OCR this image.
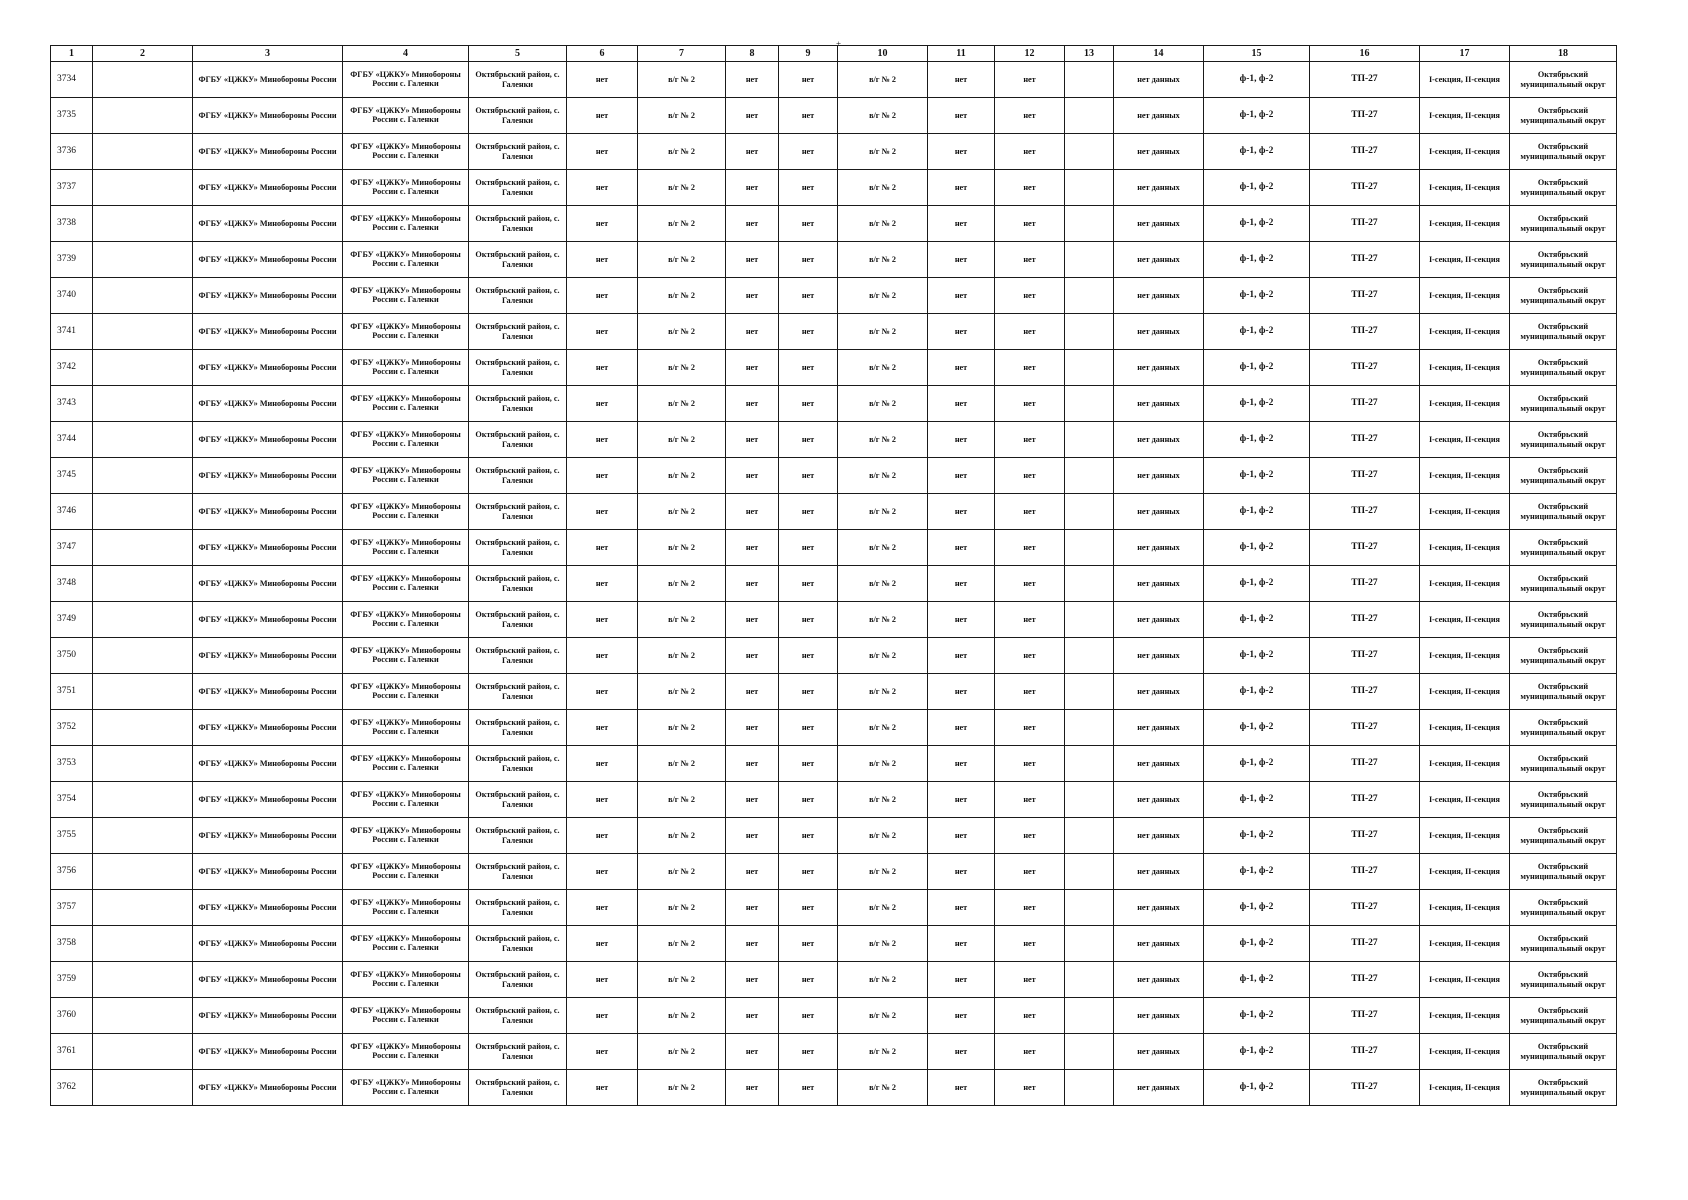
+
1	2	3	4	5	6	7	8	9	10	11	12	13	14	15	16	17	18
3734		ФГБУ «ЦЖКУ» Минобороны России	ФГБУ «ЦЖКУ» Минобороны России с. Галенки	Октябрьский район, с. Галенки	нет	в/г № 2	нет	нет	в/г № 2	нет	нет		нет данных	ф-1, ф-2	ТП-27	I-секция, II-секция	Октябрьский муниципальный округ
3735		ФГБУ «ЦЖКУ» Минобороны России	ФГБУ «ЦЖКУ» Минобороны России с. Галенки	Октябрьский район, с. Галенки	нет	в/г № 2	нет	нет	в/г № 2	нет	нет		нет данных	ф-1, ф-2	ТП-27	I-секция, II-секция	Октябрьский муниципальный округ
3736		ФГБУ «ЦЖКУ» Минобороны России	ФГБУ «ЦЖКУ» Минобороны России с. Галенки	Октябрьский район, с. Галенки	нет	в/г № 2	нет	нет	в/г № 2	нет	нет		нет данных	ф-1, ф-2	ТП-27	I-секция, II-секция	Октябрьский муниципальный округ
3737		ФГБУ «ЦЖКУ» Минобороны России	ФГБУ «ЦЖКУ» Минобороны России с. Галенки	Октябрьский район, с. Галенки	нет	в/г № 2	нет	нет	в/г № 2	нет	нет		нет данных	ф-1, ф-2	ТП-27	I-секция, II-секция	Октябрьский муниципальный округ
3738		ФГБУ «ЦЖКУ» Минобороны России	ФГБУ «ЦЖКУ» Минобороны России с. Галенки	Октябрьский район, с. Галенки	нет	в/г № 2	нет	нет	в/г № 2	нет	нет		нет данных	ф-1, ф-2	ТП-27	I-секция, II-секция	Октябрьский муниципальный округ
3739		ФГБУ «ЦЖКУ» Минобороны России	ФГБУ «ЦЖКУ» Минобороны России с. Галенки	Октябрьский район, с. Галенки	нет	в/г № 2	нет	нет	в/г № 2	нет	нет		нет данных	ф-1, ф-2	ТП-27	I-секция, II-секция	Октябрьский муниципальный округ
3740		ФГБУ «ЦЖКУ» Минобороны России	ФГБУ «ЦЖКУ» Минобороны России с. Галенки	Октябрьский район, с. Галенки	нет	в/г № 2	нет	нет	в/г № 2	нет	нет		нет данных	ф-1, ф-2	ТП-27	I-секция, II-секция	Октябрьский муниципальный округ
3741		ФГБУ «ЦЖКУ» Минобороны России	ФГБУ «ЦЖКУ» Минобороны России с. Галенки	Октябрьский район, с. Галенки	нет	в/г № 2	нет	нет	в/г № 2	нет	нет		нет данных	ф-1, ф-2	ТП-27	I-секция, II-секция	Октябрьский муниципальный округ
3742		ФГБУ «ЦЖКУ» Минобороны России	ФГБУ «ЦЖКУ» Минобороны России с. Галенки	Октябрьский район, с. Галенки	нет	в/г № 2	нет	нет	в/г № 2	нет	нет		нет данных	ф-1, ф-2	ТП-27	I-секция, II-секция	Октябрьский муниципальный округ
3743		ФГБУ «ЦЖКУ» Минобороны России	ФГБУ «ЦЖКУ» Минобороны России с. Галенки	Октябрьский район, с. Галенки	нет	в/г № 2	нет	нет	в/г № 2	нет	нет		нет данных	ф-1, ф-2	ТП-27	I-секция, II-секция	Октябрьский муниципальный округ
3744		ФГБУ «ЦЖКУ» Минобороны России	ФГБУ «ЦЖКУ» Минобороны России с. Галенки	Октябрьский район, с. Галенки	нет	в/г № 2	нет	нет	в/г № 2	нет	нет		нет данных	ф-1, ф-2	ТП-27	I-секция, II-секция	Октябрьский муниципальный округ
3745		ФГБУ «ЦЖКУ» Минобороны России	ФГБУ «ЦЖКУ» Минобороны России с. Галенки	Октябрьский район, с. Галенки	нет	в/г № 2	нет	нет	в/г № 2	нет	нет		нет данных	ф-1, ф-2	ТП-27	I-секция, II-секция	Октябрьский муниципальный округ
3746		ФГБУ «ЦЖКУ» Минобороны России	ФГБУ «ЦЖКУ» Минобороны России с. Галенки	Октябрьский район, с. Галенки	нет	в/г № 2	нет	нет	в/г № 2	нет	нет		нет данных	ф-1, ф-2	ТП-27	I-секция, II-секция	Октябрьский муниципальный округ
3747		ФГБУ «ЦЖКУ» Минобороны России	ФГБУ «ЦЖКУ» Минобороны России с. Галенки	Октябрьский район, с. Галенки	нет	в/г № 2	нет	нет	в/г № 2	нет	нет		нет данных	ф-1, ф-2	ТП-27	I-секция, II-секция	Октябрьский муниципальный округ
3748		ФГБУ «ЦЖКУ» Минобороны России	ФГБУ «ЦЖКУ» Минобороны России с. Галенки	Октябрьский район, с. Галенки	нет	в/г № 2	нет	нет	в/г № 2	нет	нет		нет данных	ф-1, ф-2	ТП-27	I-секция, II-секция	Октябрьский муниципальный округ
3749		ФГБУ «ЦЖКУ» Минобороны России	ФГБУ «ЦЖКУ» Минобороны России с. Галенки	Октябрьский район, с. Галенки	нет	в/г № 2	нет	нет	в/г № 2	нет	нет		нет данных	ф-1, ф-2	ТП-27	I-секция, II-секция	Октябрьский муниципальный округ
3750		ФГБУ «ЦЖКУ» Минобороны России	ФГБУ «ЦЖКУ» Минобороны России с. Галенки	Октябрьский район, с. Галенки	нет	в/г № 2	нет	нет	в/г № 2	нет	нет		нет данных	ф-1, ф-2	ТП-27	I-секция, II-секция	Октябрьский муниципальный округ
3751		ФГБУ «ЦЖКУ» Минобороны России	ФГБУ «ЦЖКУ» Минобороны России с. Галенки	Октябрьский район, с. Галенки	нет	в/г № 2	нет	нет	в/г № 2	нет	нет		нет данных	ф-1, ф-2	ТП-27	I-секция, II-секция	Октябрьский муниципальный округ
3752		ФГБУ «ЦЖКУ» Минобороны России	ФГБУ «ЦЖКУ» Минобороны России с. Галенки	Октябрьский район, с. Галенки	нет	в/г № 2	нет	нет	в/г № 2	нет	нет		нет данных	ф-1, ф-2	ТП-27	I-секция, II-секция	Октябрьский муниципальный округ
3753		ФГБУ «ЦЖКУ» Минобороны России	ФГБУ «ЦЖКУ» Минобороны России с. Галенки	Октябрьский район, с. Галенки	нет	в/г № 2	нет	нет	в/г № 2	нет	нет		нет данных	ф-1, ф-2	ТП-27	I-секция, II-секция	Октябрьский муниципальный округ
3754		ФГБУ «ЦЖКУ» Минобороны России	ФГБУ «ЦЖКУ» Минобороны России с. Галенки	Октябрьский район, с. Галенки	нет	в/г № 2	нет	нет	в/г № 2	нет	нет		нет данных	ф-1, ф-2	ТП-27	I-секция, II-секция	Октябрьский муниципальный округ
3755		ФГБУ «ЦЖКУ» Минобороны России	ФГБУ «ЦЖКУ» Минобороны России с. Галенки	Октябрьский район, с. Галенки	нет	в/г № 2	нет	нет	в/г № 2	нет	нет		нет данных	ф-1, ф-2	ТП-27	I-секция, II-секция	Октябрьский муниципальный округ
3756		ФГБУ «ЦЖКУ» Минобороны России	ФГБУ «ЦЖКУ» Минобороны России с. Галенки	Октябрьский район, с. Галенки	нет	в/г № 2	нет	нет	в/г № 2	нет	нет		нет данных	ф-1, ф-2	ТП-27	I-секция, II-секция	Октябрьский муниципальный округ
3757		ФГБУ «ЦЖКУ» Минобороны России	ФГБУ «ЦЖКУ» Минобороны России с. Галенки	Октябрьский район, с. Галенки	нет	в/г № 2	нет	нет	в/г № 2	нет	нет		нет данных	ф-1, ф-2	ТП-27	I-секция, II-секция	Октябрьский муниципальный округ
3758		ФГБУ «ЦЖКУ» Минобороны России	ФГБУ «ЦЖКУ» Минобороны России с. Галенки	Октябрьский район, с. Галенки	нет	в/г № 2	нет	нет	в/г № 2	нет	нет		нет данных	ф-1, ф-2	ТП-27	I-секция, II-секция	Октябрьский муниципальный округ
3759		ФГБУ «ЦЖКУ» Минобороны России	ФГБУ «ЦЖКУ» Минобороны России с. Галенки	Октябрьский район, с. Галенки	нет	в/г № 2	нет	нет	в/г № 2	нет	нет		нет данных	ф-1, ф-2	ТП-27	I-секция, II-секция	Октябрьский муниципальный округ
3760		ФГБУ «ЦЖКУ» Минобороны России	ФГБУ «ЦЖКУ» Минобороны России с. Галенки	Октябрьский район, с. Галенки	нет	в/г № 2	нет	нет	в/г № 2	нет	нет		нет данных	ф-1, ф-2	ТП-27	I-секция, II-секция	Октябрьский муниципальный округ
3761		ФГБУ «ЦЖКУ» Минобороны России	ФГБУ «ЦЖКУ» Минобороны России с. Галенки	Октябрьский район, с. Галенки	нет	в/г № 2	нет	нет	в/г № 2	нет	нет		нет данных	ф-1, ф-2	ТП-27	I-секция, II-секция	Октябрьский муниципальный округ
3762		ФГБУ «ЦЖКУ» Минобороны России	ФГБУ «ЦЖКУ» Минобороны России с. Галенки	Октябрьский район, с. Галенки	нет	в/г № 2	нет	нет	в/г № 2	нет	нет		нет данных	ф-1, ф-2	ТП-27	I-секция, II-секция	Октябрьский муниципальный округ
